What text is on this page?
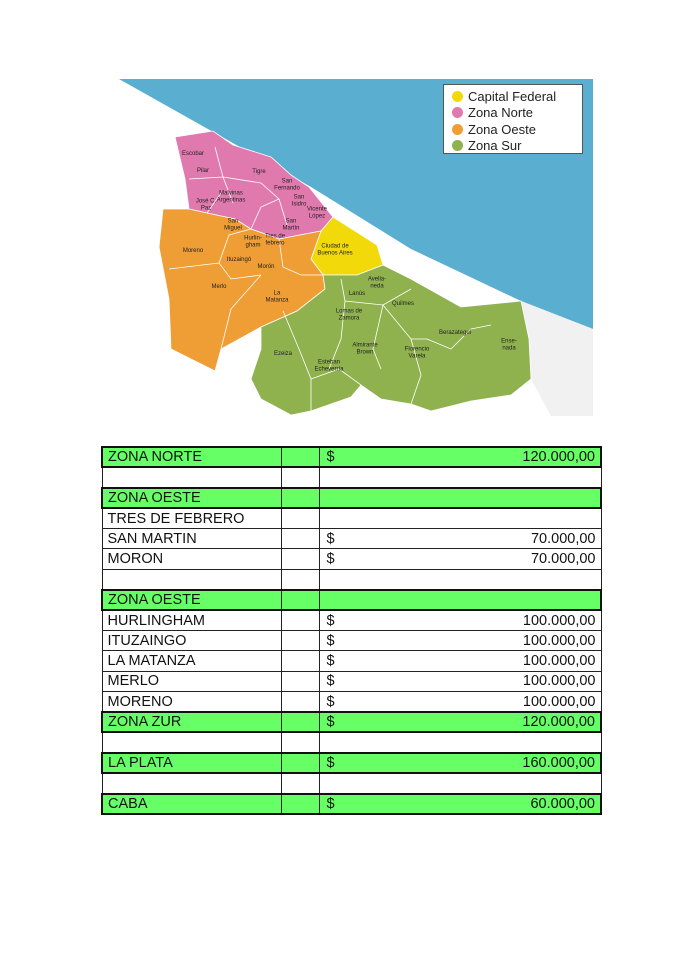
Capital Federal
Zona Norte
Zona Oeste
Zona Sur
Escobar
Pilar	Tigre
San Fernando
Malvinas Argentinas
José C. Paz
San Isidro
Vicente López
San Miguel
San Martín
Moreno
Hurlin-gham
Tres de febrero
Ciudad de Buenos Aires
Ituzaingó
Morón
Merlo
La Matanza
Avella-neda
Lanús
Quilmes
Lomas de Zamora
Berazategui
Almirante Brown	Florencio Varela
Ense-nada
Ezeiza
Esteban Echeverría
ZONA NORTE		$ 120.000,00

ZONA OESTE		

TRES DE FEBRERO		

SAN MARTIN		$ 70.000,00

MORON		$ 70.000,00

ZONA OESTE		

HURLINGHAM		$ 100.000,00

ITUZAINGO		$ 100.000,00

LA MATANZA		$ 100.000,00

MERLO		$ 100.000,00

MORENO		$ 100.000,00

ZONA ZUR		$ 120.000,00

LA PLATA		$ 160.000,00

CABA		$ 60.000,00
